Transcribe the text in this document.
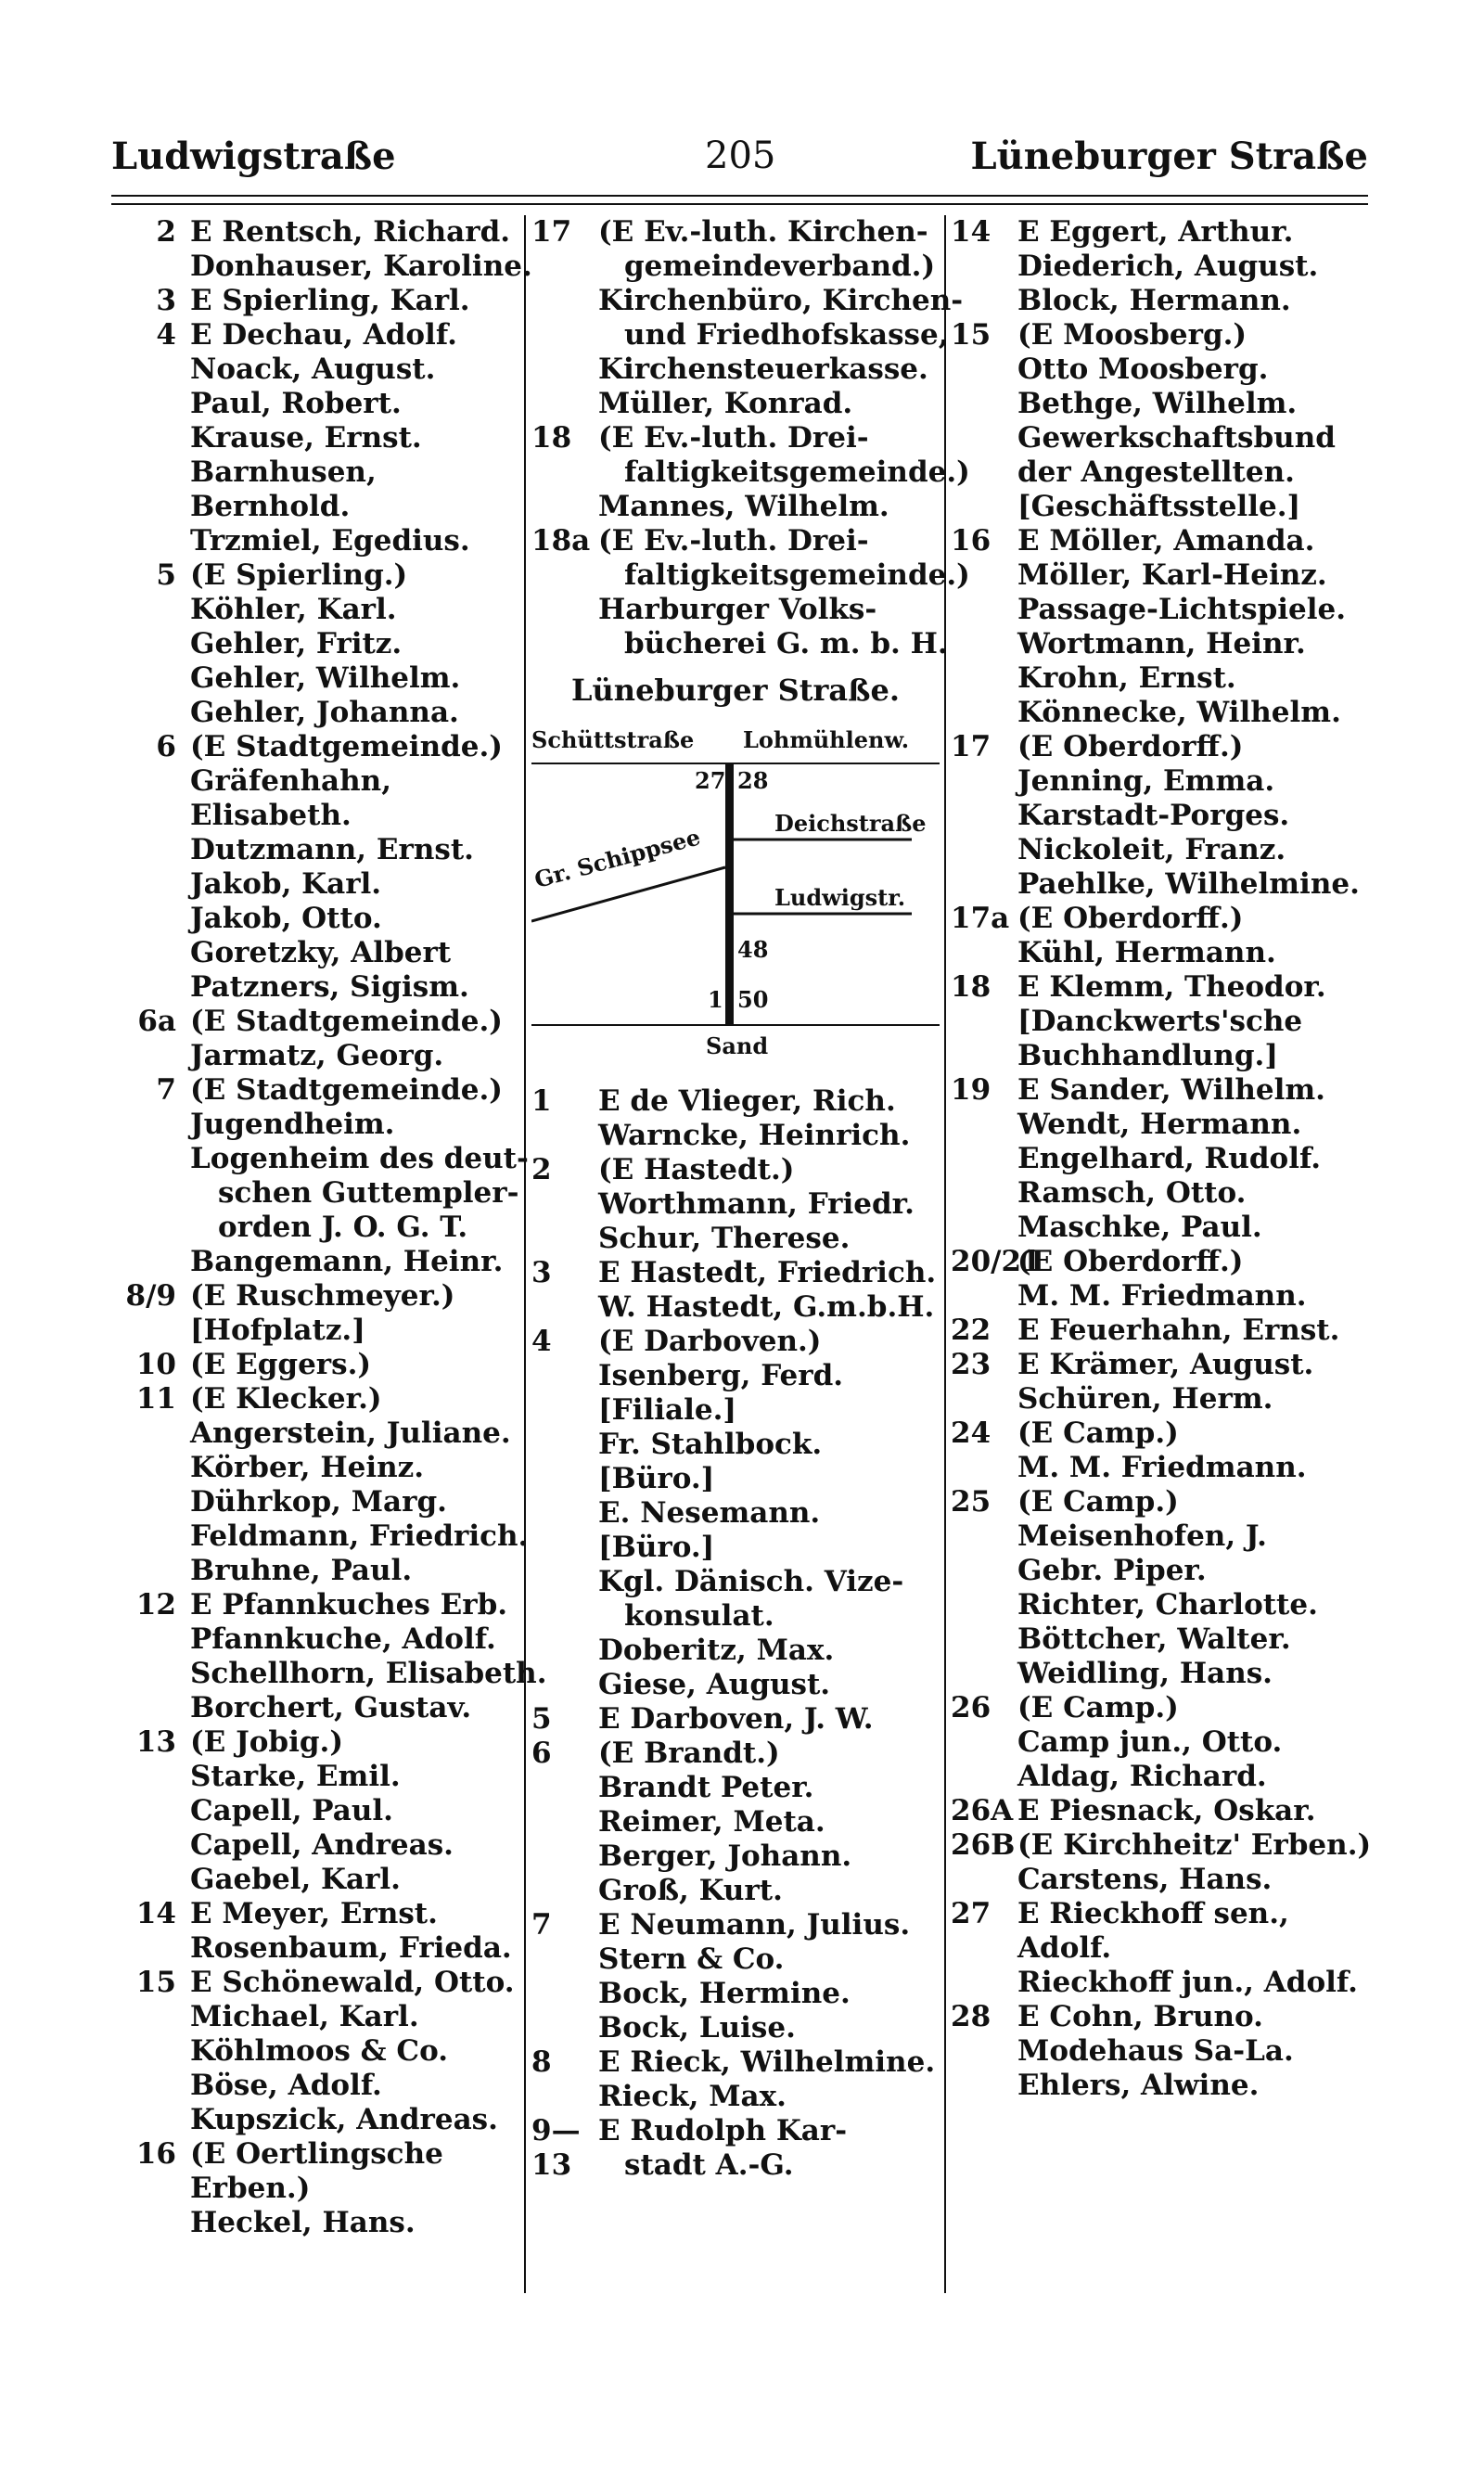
Ludwigstraße	205	Lüneburger Straße
2 E Rentsch, Richard.
Donhauser, Karoline.
3 E Spierling, Karl.
4 E Dechau, Adolf.
Noack, August.
Paul, Robert.
Krause, Ernst.
Barnhusen,
Bernhold.
Trzmiel, Egedius.
5 (E Spierling.)
Köhler, Karl.
Gehler, Fritz.
Gehler, Wilhelm.
Gehler, Johanna.
6 (E Stadtgemeinde.)
Gräfenhahn,
Elisabeth.
Dutzmann, Ernst.
Jakob, Karl.
Jakob, Otto.
Goretzky, Albert
Patzners, Sigism.
6a (E Stadtgemeinde.)
Jarmatz, Georg.
7 (E Stadtgemeinde.)
Jugendheim.
Logenheim des deut-
schen Guttempler-
orden J. O. G. T.
Bangemann, Heinr.
8/9 (E Ruschmeyer.)
[Hofplatz.]
10 (E Eggers.)
11 (E Klecker.)
Angerstein, Juliane.
Körber, Heinz.
Dührkop, Marg.
Feldmann, Friedrich.
Bruhne, Paul.
12 E Pfannkuches Erb.
Pfannkuche, Adolf.
Schellhorn, Elisabeth.
Borchert, Gustav.
13 (E Jobig.)
Starke, Emil.
Capell, Paul.
Capell, Andreas.
Gaebel, Karl.
14 E Meyer, Ernst.
Rosenbaum, Frieda.
15 E Schönewald, Otto.
Michael, Karl.
Köhlmoos & Co.
Böse, Adolf.
Kupszick, Andreas.
16 (E Oertlingsche
Erben.)
Heckel, Hans.
17 (E Ev.-luth. Kirchen-
gemeindeverband.)
Kirchenbüro, Kirchen-
und Friedhofskasse,
Kirchensteuerkasse.
Müller, Konrad.
18 (E Ev.-luth. Drei-
faltigkeitsgemeinde.)
Mannes, Wilhelm.
18a (E Ev.-luth. Drei-
faltigkeitsgemeinde.)
Harburger Volks-
bücherei G. m. b. H.
Lüneburger Straße.
Schüttstraße Lohmühlenw.
27 28
Deichstraße
Gr. Schippsee
Ludwigstr.
48
1 50
Sand
1	E de Vlieger, Rich.
Warncke, Heinrich.
2	(E Hastedt.)
Worthmann, Friedr.
Schur, Therese.
3	E Hastedt, Friedrich.
W. Hastedt, G.m.b.H.
4	(E Darboven.)
Isenberg, Ferd.
[Filiale.]
Fr. Stahlbock.
[Büro.]
E. Nesemann.
[Büro.]
Kgl. Dänisch. Vize-
konsulat.
Doberitz, Max.
Giese, August.
5	E Darboven, J. W.
6	(E Brandt.)
Brandt Peter.
Reimer, Meta.
Berger, Johann.
Groß, Kurt.
7	E Neumann, Julius.
Stern & Co.
Bock, Hermine.
Bock, Luise.
8	E Rieck, Wilhelmine.
Rieck, Max.
9—13
E Rudolph Kar-
stadt A.-G.
14 E Eggert, Arthur.
Diederich, August.
Block, Hermann.
15 (E Moosberg.)
Otto Moosberg.
Bethge, Wilhelm.
Gewerkschaftsbund
der Angestellten.
[Geschäftsstelle.]
16 E Möller, Amanda.
Möller, Karl-Heinz.
Passage-Lichtspiele.
Wortmann, Heinr.
Krohn, Ernst.
Könnecke, Wilhelm.
17 (E Oberdorff.)
Jenning, Emma.
Karstadt-Porges.
Nickoleit, Franz.
Paehlke, Wilhelmine.
17a (E Oberdorff.)
Kühl, Hermann.
18 E Klemm, Theodor.
[Danckwerts'sche
Buchhandlung.]
19 E Sander, Wilhelm.
Wendt, Hermann.
Engelhard, Rudolf.
Ramsch, Otto.
Maschke, Paul.
20/21
(E Oberdorff.)
M. M. Friedmann.
22 E Feuerhahn, Ernst.
23 E Krämer, August.
Schüren, Herm.
24 (E Camp.)
M. M. Friedmann.
25 (E Camp.)
Meisenhofen, J.
Gebr. Piper.
Richter, Charlotte.
Böttcher, Walter.
Weidling, Hans.
26 (E Camp.)
Camp jun., Otto.
Aldag, Richard.
26A E Piesnack, Oskar.
26B (E Kirchheitz' Erben.)
Carstens, Hans.
27 E Rieckhoff sen.,
Adolf.
Rieckhoff jun., Adolf.
28 E Cohn, Bruno.
Modehaus Sa-La.
Ehlers, Alwine.
